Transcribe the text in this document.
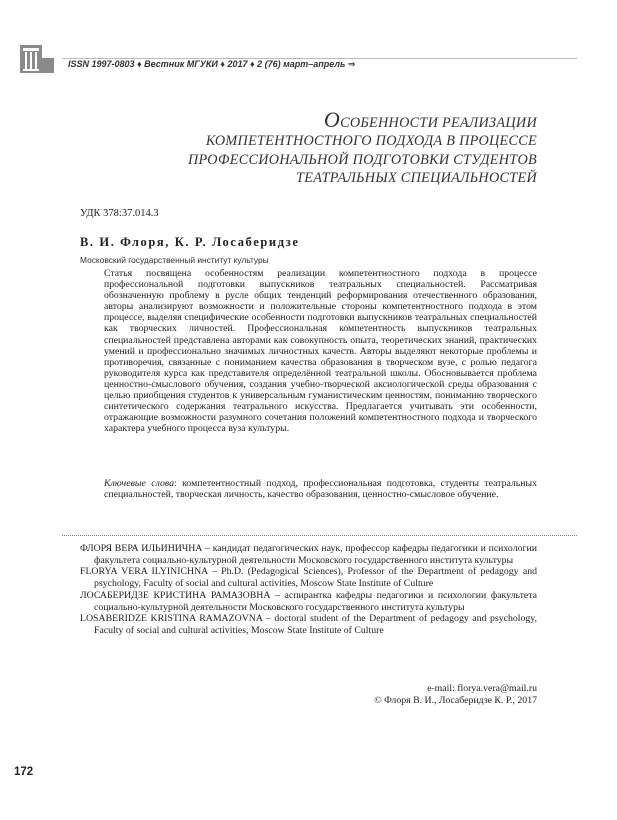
ISSN 1997-0803 ♦ Вестник МГУКИ ♦ 2017 ♦ 2 (76) март–апрель ⇒
ОСОБЕННОСТИ РЕАЛИЗАЦИИ
КОМПЕТЕНТНОСТНОГО ПОДХОДА В ПРОЦЕССЕ
ПРОФЕССИОНАЛЬНОЙ ПОДГОТОВКИ СТУДЕНТОВ
ТЕАТРАЛЬНЫХ СПЕЦИАЛЬНОСТЕЙ
УДК 378:37.014.3
В. И. Флоря, К. Р. Лосаберидзе
Московский государственный институт культуры
Статья посвящена особенностям реализации компетентностного подхода в процессе профессиональной подготовки выпускников театральных специальностей. Рассматривая обозначенную проблему в русле общих тенденций реформирования отечественного образования, авторы анализируют возможности и положительные стороны компетентностного подхода в этом процессе, выделяя специфические особенности подготовки выпускников театральных специальностей как творческих личностей. Профессиональная компетентность выпускников театральных специальностей представлена авторами как совокупность опыта, теоретических знаний, практических умений и профессионально значимых личностных качеств. Авторы выделяют некоторые проблемы и противоречия, связанные с пониманием качества образования в творческом вузе, с ролью педагога руководителя курса как представителя определённой театральной школы. Обосновывается проблема ценностно-смыслового обучения, создания учебно-творческой аксиологической среды образования с целью приобщения студентов к универсальным гуманистическим ценностям, пониманию творческого синтетического содержания театрального искусства. Предлагается учитывать эти особенности, отражающие возможности разумного сочетания положений компетентностного подхода и творческого характера учебного процесса вуза культуры.
Ключевые слова: компетентностный подход, профессиональная подготовка, студенты театральных специальностей, творческая личность, качество образования, ценностно-смысловое обучение.

ФЛОРЯ ВЕРА ИЛЬИНИЧНА – кандидат педагогических наук, профессор кафедры педагогики и психологии факультета социально-культурной деятельности Московского государственного института культуры

FLORYA VERA ILYINICHNA – Ph.D. (Pedagogical Sciences), Professor of the Department of pedagogy and psychology, Faculty of social and cultural activities, Moscow State Institute of Culture

ЛОСАБЕРИДЗЕ КРИСТИНА РАМАЗОВНА – аспирантка кафедры педагогики и психологии факультета социально-культурной деятельности Московского государственного института культуры

LOSABERIDZE KRISTINA RAMAZOVNA – doctoral student of the Department of pedagogy and psychology, Faculty of social and cultural activities, Moscow State Institute of Culture

e-mail: florya.vera@mail.ru
© Флоря В. И., Лосаберидзе К. Р., 2017
172
